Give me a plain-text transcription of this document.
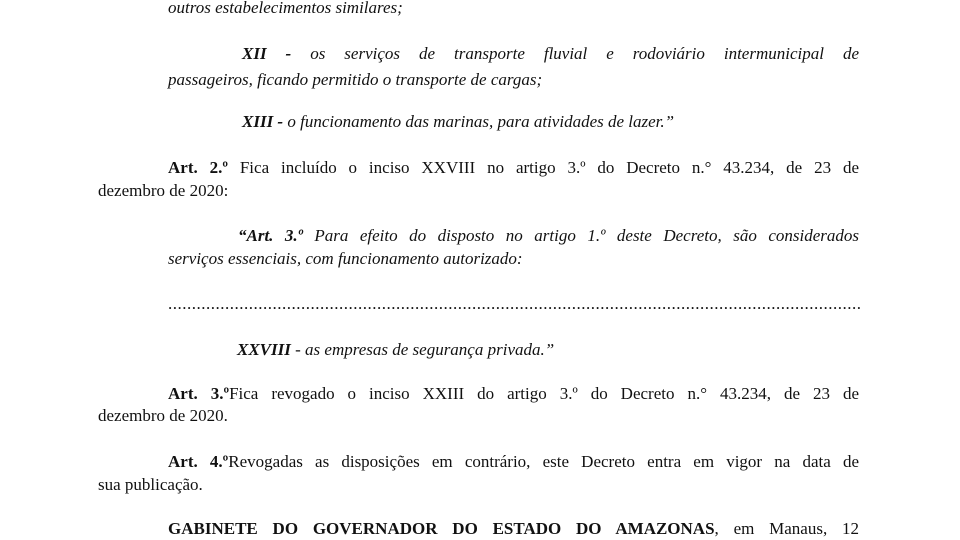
outros estabelecimentos similares;
XII - os serviços de transporte fluvial e rodoviário intermunicipal de
passageiros, ficando permitido o transporte de cargas;
XIII - o funcionamento das marinas, para atividades de lazer.”
Art. 2.º Fica incluído o inciso XXVIII no artigo 3.º do Decreto n.° 43.234, de 23 de
dezembro de 2020:
“Art. 3.º Para efeito do disposto no artigo 1.º deste Decreto, são considerados
serviços essenciais, com funcionamento autorizado:
..................................................................................................................................................
XXVIII - as empresas de segurança privada.”
Art. 3.ºFica revogado o inciso XXIII do artigo 3.º do Decreto n.° 43.234, de 23 de
dezembro de 2020.
Art. 4.ºRevogadas as disposições em contrário, este Decreto entra em vigor na data de
sua publicação.
GABINETE DO GOVERNADOR DO ESTADO DO AMAZONAS, em Manaus, 12
